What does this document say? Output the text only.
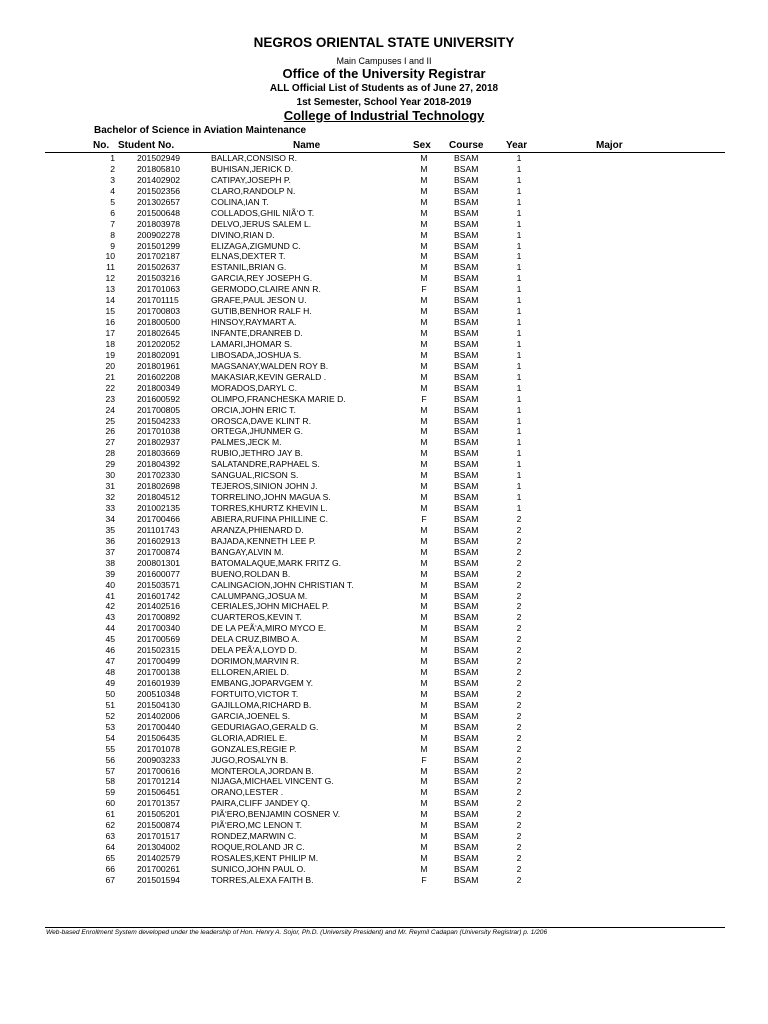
NEGROS ORIENTAL STATE UNIVERSITY
Main Campuses I and II
Office of the University Registrar
ALL Official List of Students as of June 27, 2018
1st Semester, School Year 2018-2019
College of Industrial Technology
Bachelor of Science in Aviation Maintenance
No. Student No.	Name	Sex Course Year	Major
1	201502949	BALLAR,CONSISO R.	M	BSAM	1
2	201805810	BUHISAN,JERICK D.	M	BSAM	1
3	201402902	CATIPAY,JOSEPH P.	M	BSAM	1
4	201502356	CLARO,RANDOLP N.	M	BSAM	1
5	201302657	COLINA,IAN T.	M	BSAM	1
6	201500648	COLLADOS,GHIL NIÃ‘O T.	M	BSAM	1
7	201803978	DELVO,JERUS SALEM L.	M	BSAM	1
8	200902278	DIVINO,RIAN D.	M	BSAM	1
9	201501299	ELIZAGA,ZIGMUND C.	M	BSAM	1
10	201702187	ELNAS,DEXTER T.	M	BSAM	1
11	201502637	ESTANIL,BRIAN G.	M	BSAM	1
12	201503216	GARCIA,REY JOSEPH G.	M	BSAM	1
13	201701063	GERMODO,CLAIRE ANN R.	F	BSAM	1
14	201701115	GRAFE,PAUL JESON U.	M	BSAM	1
15	201700803	GUTIB,BENHOR RALF H.	M	BSAM	1
16	201800500	HINSOY,RAYMART A.	M	BSAM	1
17	201802645	INFANTE,DRANREB D.	M	BSAM	1
18	201202052	LAMARI,JHOMAR S.	M	BSAM	1
19	201802091	LIBOSADA,JOSHUA S.	M	BSAM	1
20	201801961	MAGSANAY,WALDEN ROY B.	M	BSAM	1
21	201602208	MAKASIAR,KEVIN GERALD .	M	BSAM	1
22	201800349	MORADOS,DARYL C.	M	BSAM	1
23	201600592	OLIMPO,FRANCHESKA MARIE D.	F	BSAM	1
24	201700805	ORCIA,JOHN ERIC T.	M	BSAM	1
25	201504233	OROSCA,DAVE KLINT R.	M	BSAM	1
26	201701038	ORTEGA,JHUNMER G.	M	BSAM	1
27	201802937	PALMES,JECK M.	M	BSAM	1
28	201803669	RUBIO,JETHRO JAY B.	M	BSAM	1
29	201804392	SALATANDRE,RAPHAEL S.	M	BSAM	1
30	201702330	SANGUAL,RICSON S.	M	BSAM	1
31	201802698	TEJEROS,SINION JOHN J.	M	BSAM	1
32	201804512	TORRELINO,JOHN MAGUA S.	M	BSAM	1
33	201002135	TORRES,KHURTZ KHEVIN L.	M	BSAM	1
34	201700466	ABIERA,RUFINA PHILLINE C.	F	BSAM	2
35	201101743	ARANZA,PHIENARD D.	M	BSAM	2
36	201602913	BAJADA,KENNETH LEE P.	M	BSAM	2
37	201700874	BANGAY,ALVIN M.	M	BSAM	2
38	200801301	BATOMALAQUE,MARK FRITZ G.	M	BSAM	2
39	201600077	BUENO,ROLDAN B.	M	BSAM	2
40	201503571	CALINGACION,JOHN CHRISTIAN T.	M	BSAM	2
41	201601742	CALUMPANG,JOSUA M.	M	BSAM	2
42	201402516	CERIALES,JOHN MICHAEL P.	M	BSAM	2
43	201700892	CUARTEROS,KEVIN T.	M	BSAM	2
44	201700340	DE LA PEÃ‘A,MIRO MYCO E.	M	BSAM	2
45	201700569	DELA CRUZ,BIMBO A.	M	BSAM	2
46	201502315	DELA PEÃ‘A,LOYD D.	M	BSAM	2
47	201700499	DORIMON,MARVIN R.	M	BSAM	2
48	201700138	ELLOREN,ARIEL D.	M	BSAM	2
49	201601939	EMBANG,JOPARVGEM Y.	M	BSAM	2
50	200510348	FORTUITO,VICTOR T.	M	BSAM	2
51	201504130	GAJILLOMA,RICHARD B.	M	BSAM	2
52	201402006	GARCIA,JOENEL S.	M	BSAM	2
53	201700440	GEDURIAGAO,GERALD G.	M	BSAM	2
54	201506435	GLORIA,ADRIEL E.	M	BSAM	2
55	201701078	GONZALES,REGIE P.	M	BSAM	2
56	200903233	JUGO,ROSALYN B.	F	BSAM	2
57	201700616	MONTEROLA,JORDAN B.	M	BSAM	2
58	201701214	NIJAGA,MICHAEL VINCENT G.	M	BSAM	2
59	201506451	ORANO,LESTER .	M	BSAM	2
60	201701357	PAIRA,CLIFF JANDEY Q.	M	BSAM	2
61	201505201	PIÃ‘ERO,BENJAMIN COSNER V.	M	BSAM	2
62	201500874	PIÃ‘ERO,MC LENON T.	M	BSAM	2
63	201701517	RONDEZ,MARWIN C.	M	BSAM	2
64	201304002	ROQUE,ROLAND JR C.	M	BSAM	2
65	201402579	ROSALES,KENT PHILIP M.	M	BSAM	2
66	201700261	SUNICO,JOHN PAUL O.	M	BSAM	2
67	201501594	TORRES,ALEXA FAITH B.	F	BSAM	2
Web-based Enrollment System developed under the leadership of Hon. Henry A. Sojor, Ph.D. (University President) and Mr. Reymil Cadapan (University Registrar) p. 1/206
